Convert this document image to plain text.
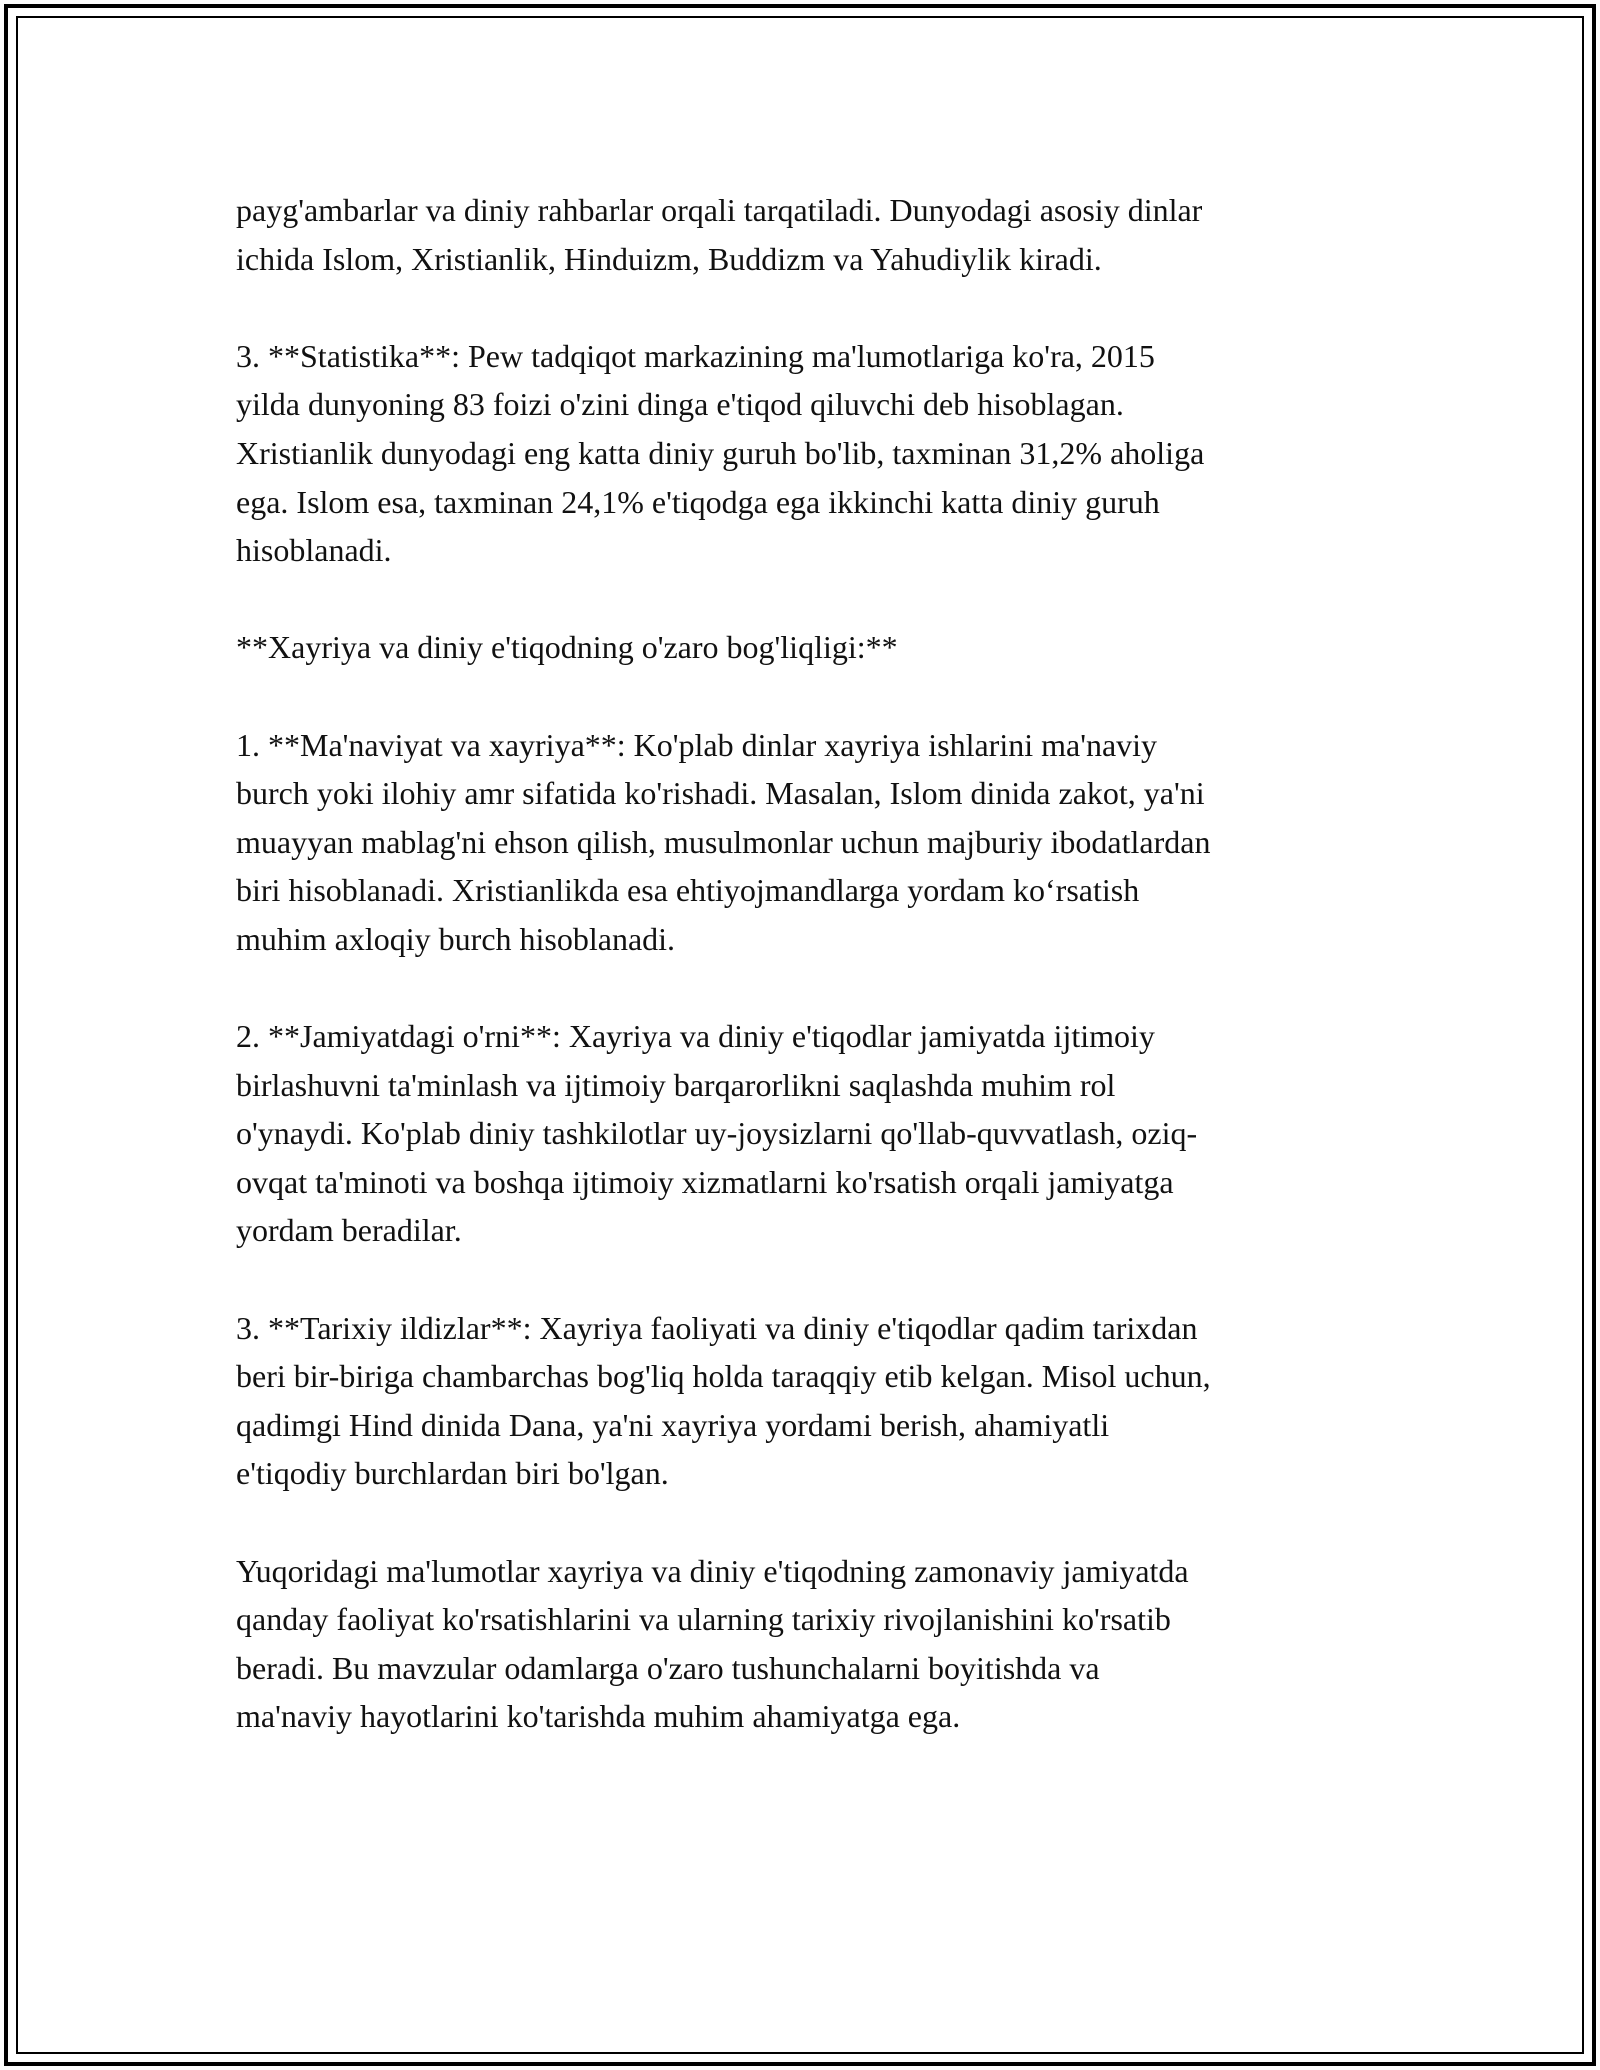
payg'ambarlar va diniy rahbarlar orqali tarqatiladi. Dunyodagi asosiy dinlar
ichida Islom, Xristianlik, Hinduizm, Buddizm va Yahudiylik kiradi.

3. **Statistika**: Pew tadqiqot markazining ma'lumotlariga ko'ra, 2015
yilda dunyoning 83 foizi o'zini dinga e'tiqod qiluvchi deb hisoblagan.
Xristianlik dunyodagi eng katta diniy guruh bo'lib, taxminan 31,2% aholiga
ega. Islom esa, taxminan 24,1% e'tiqodga ega ikkinchi katta diniy guruh
hisoblanadi.

**Xayriya va diniy e'tiqodning o'zaro bog'liqligi:**

1. **Ma'naviyat va xayriya**: Ko'plab dinlar xayriya ishlarini ma'naviy
burch yoki ilohiy amr sifatida ko'rishadi. Masalan, Islom dinida zakot, ya'ni
muayyan mablag'ni ehson qilish, musulmonlar uchun majburiy ibodatlardan
biri hisoblanadi. Xristianlikda esa ehtiyojmandlarga yordam ko‘rsatish
muhim axloqiy burch hisoblanadi.

2. **Jamiyatdagi o'rni**: Xayriya va diniy e'tiqodlar jamiyatda ijtimoiy
birlashuvni ta'minlash va ijtimoiy barqarorlikni saqlashda muhim rol
o'ynaydi. Ko'plab diniy tashkilotlar uy-joysizlarni qo'llab-quvvatlash, oziq-
ovqat ta'minoti va boshqa ijtimoiy xizmatlarni ko'rsatish orqali jamiyatga
yordam beradilar.

3. **Tarixiy ildizlar**: Xayriya faoliyati va diniy e'tiqodlar qadim tarixdan
beri bir-biriga chambarchas bog'liq holda taraqqiy etib kelgan. Misol uchun,
qadimgi Hind dinida Dana, ya'ni xayriya yordami berish, ahamiyatli
e'tiqodiy burchlardan biri bo'lgan.

Yuqoridagi ma'lumotlar xayriya va diniy e'tiqodning zamonaviy jamiyatda
qanday faoliyat ko'rsatishlarini va ularning tarixiy rivojlanishini ko'rsatib
beradi. Bu mavzular odamlarga o'zaro tushunchalarni boyitishda va
ma'naviy hayotlarini ko'tarishda muhim ahamiyatga ega.
